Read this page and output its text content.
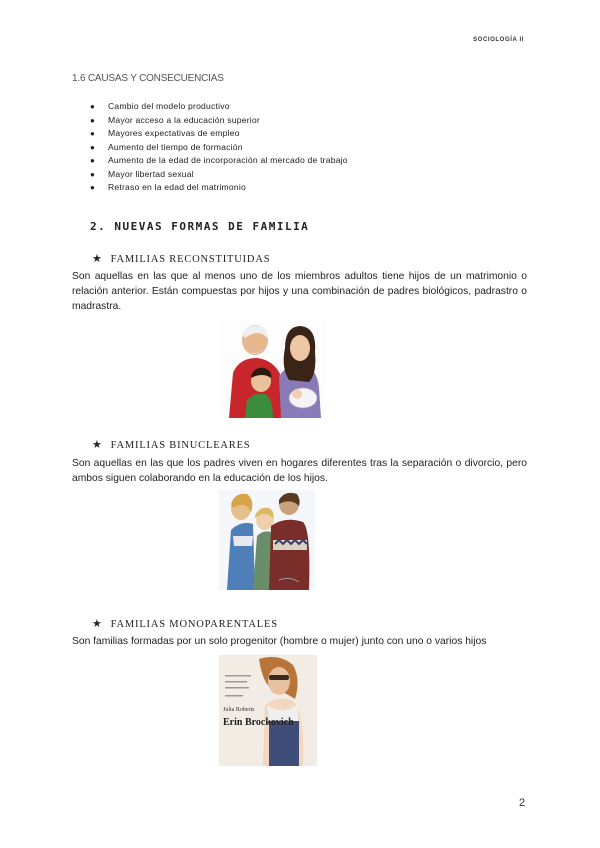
SOCIOLOGÍA II
1.6 CAUSAS Y CONSECUENCIAS
● Cambio del modelo productivo
● Mayor acceso a la educación superior
● Mayores expectativas de empleo
● Aumento del tiempo de formación
● Aumento de la edad de incorporación al mercado de trabajo
● Mayor libertad sexual
● Retraso en la edad del matrimonio
2. NUEVAS FORMAS DE FAMILIA
★ FAMILIAS RECONSTITUIDAS
Son aquellas en las que al menos uno de los miembros adultos tiene hijos de un matrimonio o relación anterior. Están compuestas por hijos y una combinación de padres biológicos, padrastro o madrastra.
★ FAMILIAS BINUCLEARES
Son aquellas en las que los padres viven en hogares diferentes tras la separación o divorcio, pero ambos siguen colaborando en la educación de los hijos.
★ FAMILIAS MONOPARENTALES
Son familias formadas por un solo progenitor (hombre o mujer) junto con uno o varios hijos
Julia Roberts
Erin Brockovich
2
